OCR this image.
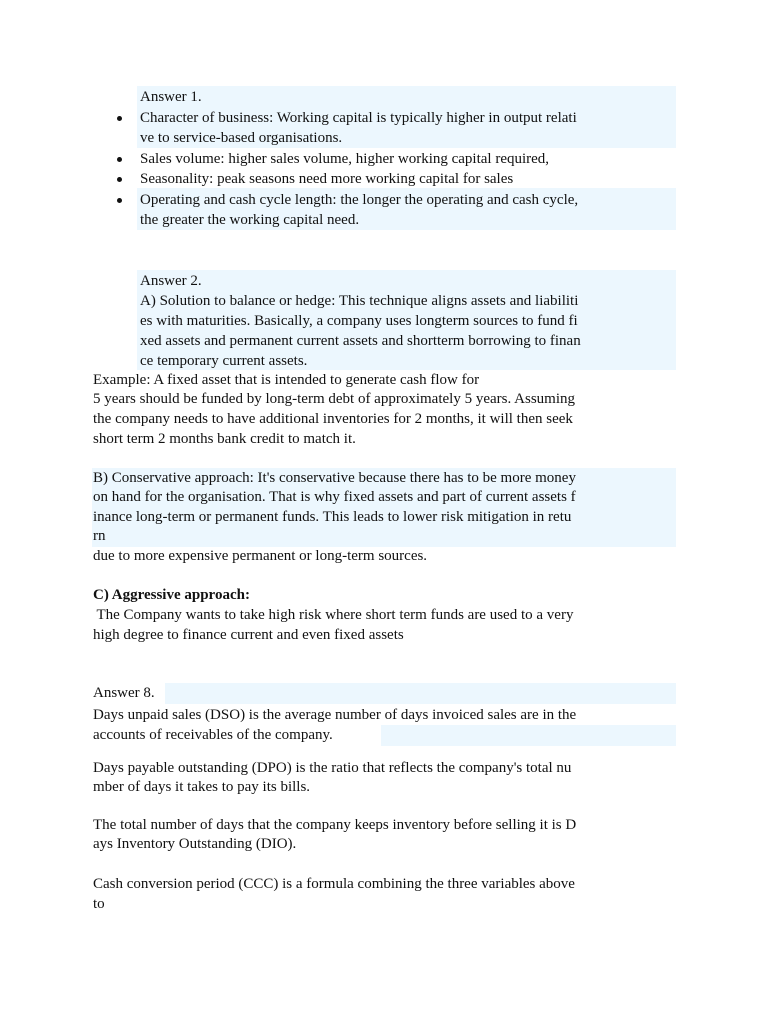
Answer 1.
Character of business: Working capital is typically higher in output relati
ve to service-based organisations.
Sales volume: higher sales volume, higher working capital required,
Seasonality: peak seasons need more working capital for sales
Operating and cash cycle length: the longer the operating and cash cycle,
the greater the working capital need.
Answer 2.
A) Solution to balance or hedge: This technique aligns assets and liabiliti
es with maturities. Basically, a company uses longterm sources to fund fi
xed assets and permanent current assets and shortterm borrowing to finan
ce temporary current assets.
Example: A fixed asset that is intended to generate cash flow for
5 years should be funded by long-term debt of approximately 5 years. Assuming
the company needs to have additional inventories for 2 months, it will then seek
short term 2 months bank credit to match it.
B) Conservative approach: It's conservative because there has to be more money
on hand for the organisation. That is why fixed assets and part of current assets f
inance long-term or permanent funds. This leads to lower risk mitigation in retu
rn
due to more expensive permanent or long-term sources.
C) Aggressive approach:
The Company wants to take high risk where short term funds are used to a very
high degree to finance current and even fixed assets
Answer 8.
Days unpaid sales (DSO) is the average number of days invoiced sales are in the
accounts of receivables of the company.
Days payable outstanding (DPO) is the ratio that reflects the company's total nu
mber of days it takes to pay its bills.
The total number of days that the company keeps inventory before selling it is D
ays Inventory Outstanding (DIO).
Cash conversion period (CCC) is a formula combining the three variables above
to
